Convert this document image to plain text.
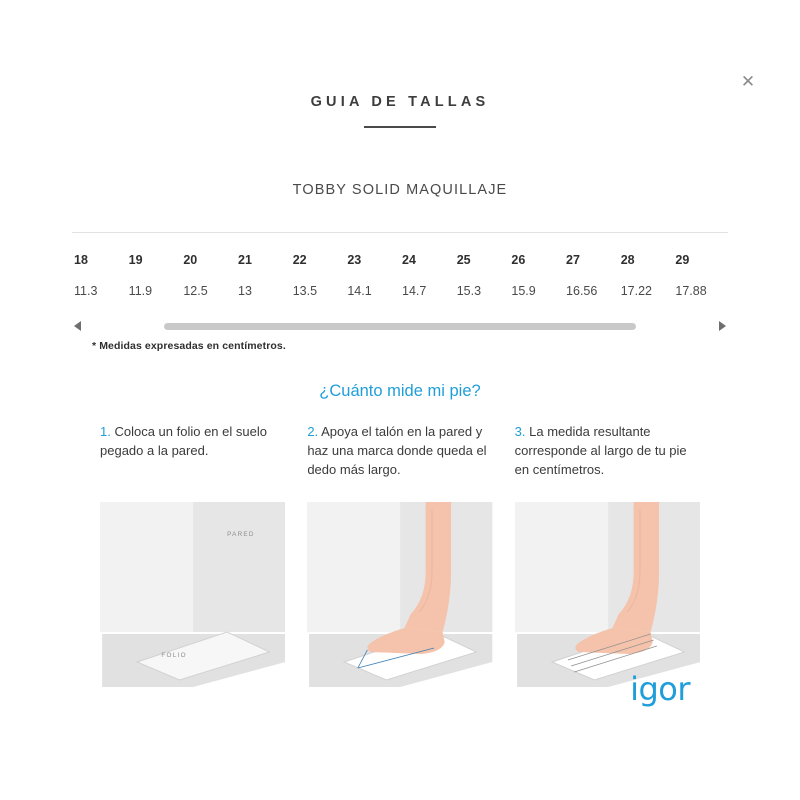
✕
GUIA DE TALLAS
TOBBY SOLID MAQUILLAJE
18	19	20	21	22	23	24	25	26	27	28	29
11.3	11.9	12.5	13	13.5	14.1	14.7	15.3	15.9	16.56	17.22	17.88
* Medidas expresadas en centímetros.
¿Cuánto mide mi pie?
1. Coloca un folio en el suelo pegado a la pared.
2. Apoya el talón en la pared y haz una marca donde queda el dedo más largo.
3. La medida resultante corresponde al largo de tu pie en centímetros.
PARED
FOLIO
igor
